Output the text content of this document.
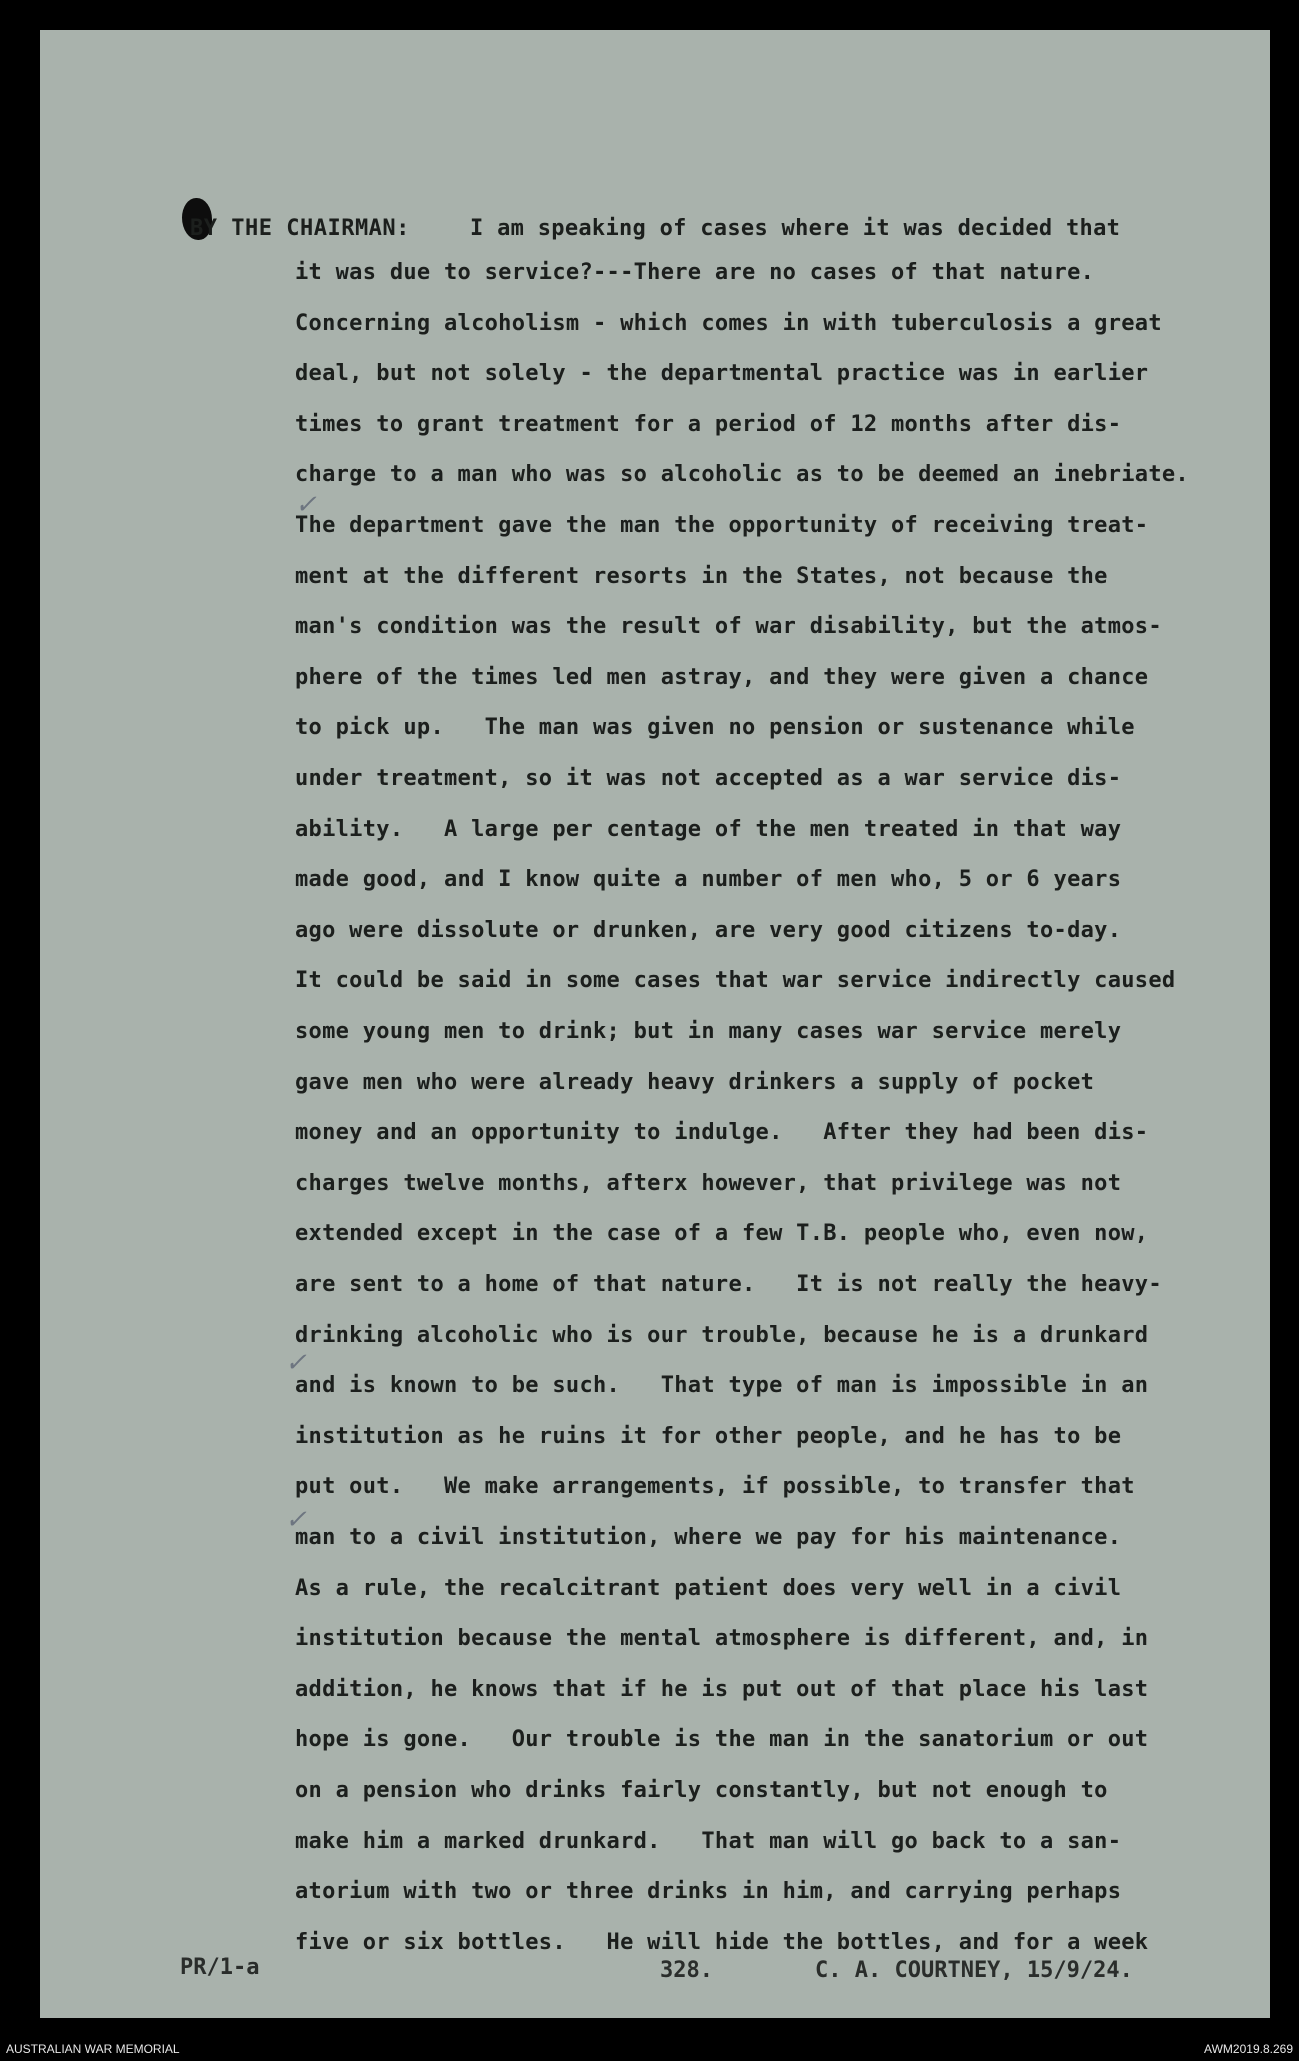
BY THE CHAIRMAN:	I am speaking of cases where it was decided that
it was due to service?---There are no cases of that nature.
Concerning alcoholism - which comes in with tuberculosis a great
deal, but not solely - the departmental practice was in earlier
times to grant treatment for a period of 12 months after dis-
charge to a man who was so alcoholic as to be deemed an inebriate.
The department gave the man the opportunity of receiving treat-
ment at the different resorts in the States, not because the
man's condition was the result of war disability, but the atmos-
phere of the times led men astray, and they were given a chance
to pick up.   The man was given no pension or sustenance while
under treatment, so it was not accepted as a war service dis-
ability.   A large per centage of the men treated in that way
made good, and I know quite a number of men who, 5 or 6 years
ago were dissolute or drunken, are very good citizens to-day.
It could be said in some cases that war service indirectly caused
some young men to drink; but in many cases war service merely
gave men who were already heavy drinkers a supply of pocket
money and an opportunity to indulge.   After they had been dis-
charges twelve months, afterx however, that privilege was not
extended except in the case of a few T.B. people who, even now,
are sent to a home of that nature.   It is not really the heavy-
drinking alcoholic who is our trouble, because he is a drunkard
and is known to be such.   That type of man is impossible in an
institution as he ruins it for other people, and he has to be
put out.   We make arrangements, if possible, to transfer that
man to a civil institution, where we pay for his maintenance.
As a rule, the recalcitrant patient does very well in a civil
institution because the mental atmosphere is different, and, in
addition, he knows that if he is put out of that place his last
hope is gone.   Our trouble is the man in the sanatorium or out
on a pension who drinks fairly constantly, but not enough to
make him a marked drunkard.   That man will go back to a san-
atorium with two or three drinks in him, and carrying perhaps
five or six bottles.   He will hide the bottles, and for a week
✓
✓
✓
PR/1-a	328.	C. A. COURTNEY, 15/9/24.
AUSTRALIAN WAR MEMORIAL	AWM2019.8.269
